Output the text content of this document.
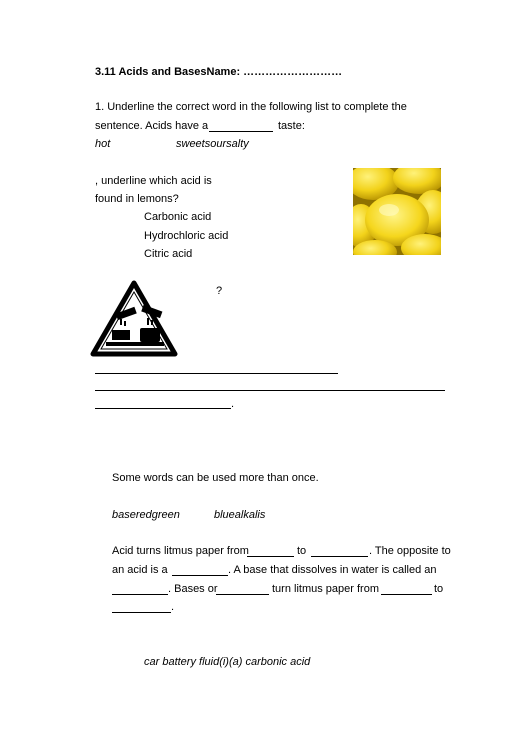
3.11 Acids and BasesName: ………………………
1. Underline the correct word in the following list to complete the
sentence. Acids have a	taste:
hot	sweetsoursalty
, underline which acid is
found in lemons?
Carbonic acid
Hydrochloric acid
Citric acid
?
.
Some words can be used more than once.
baseredgreen	bluealkalis
Acid turns litmus paper from	to	. The opposite to
an acid is a	. A base that dissolves in water is called an
. Bases or	turn litmus paper from	to
.
car battery fluid(i)(a) carbonic acid
